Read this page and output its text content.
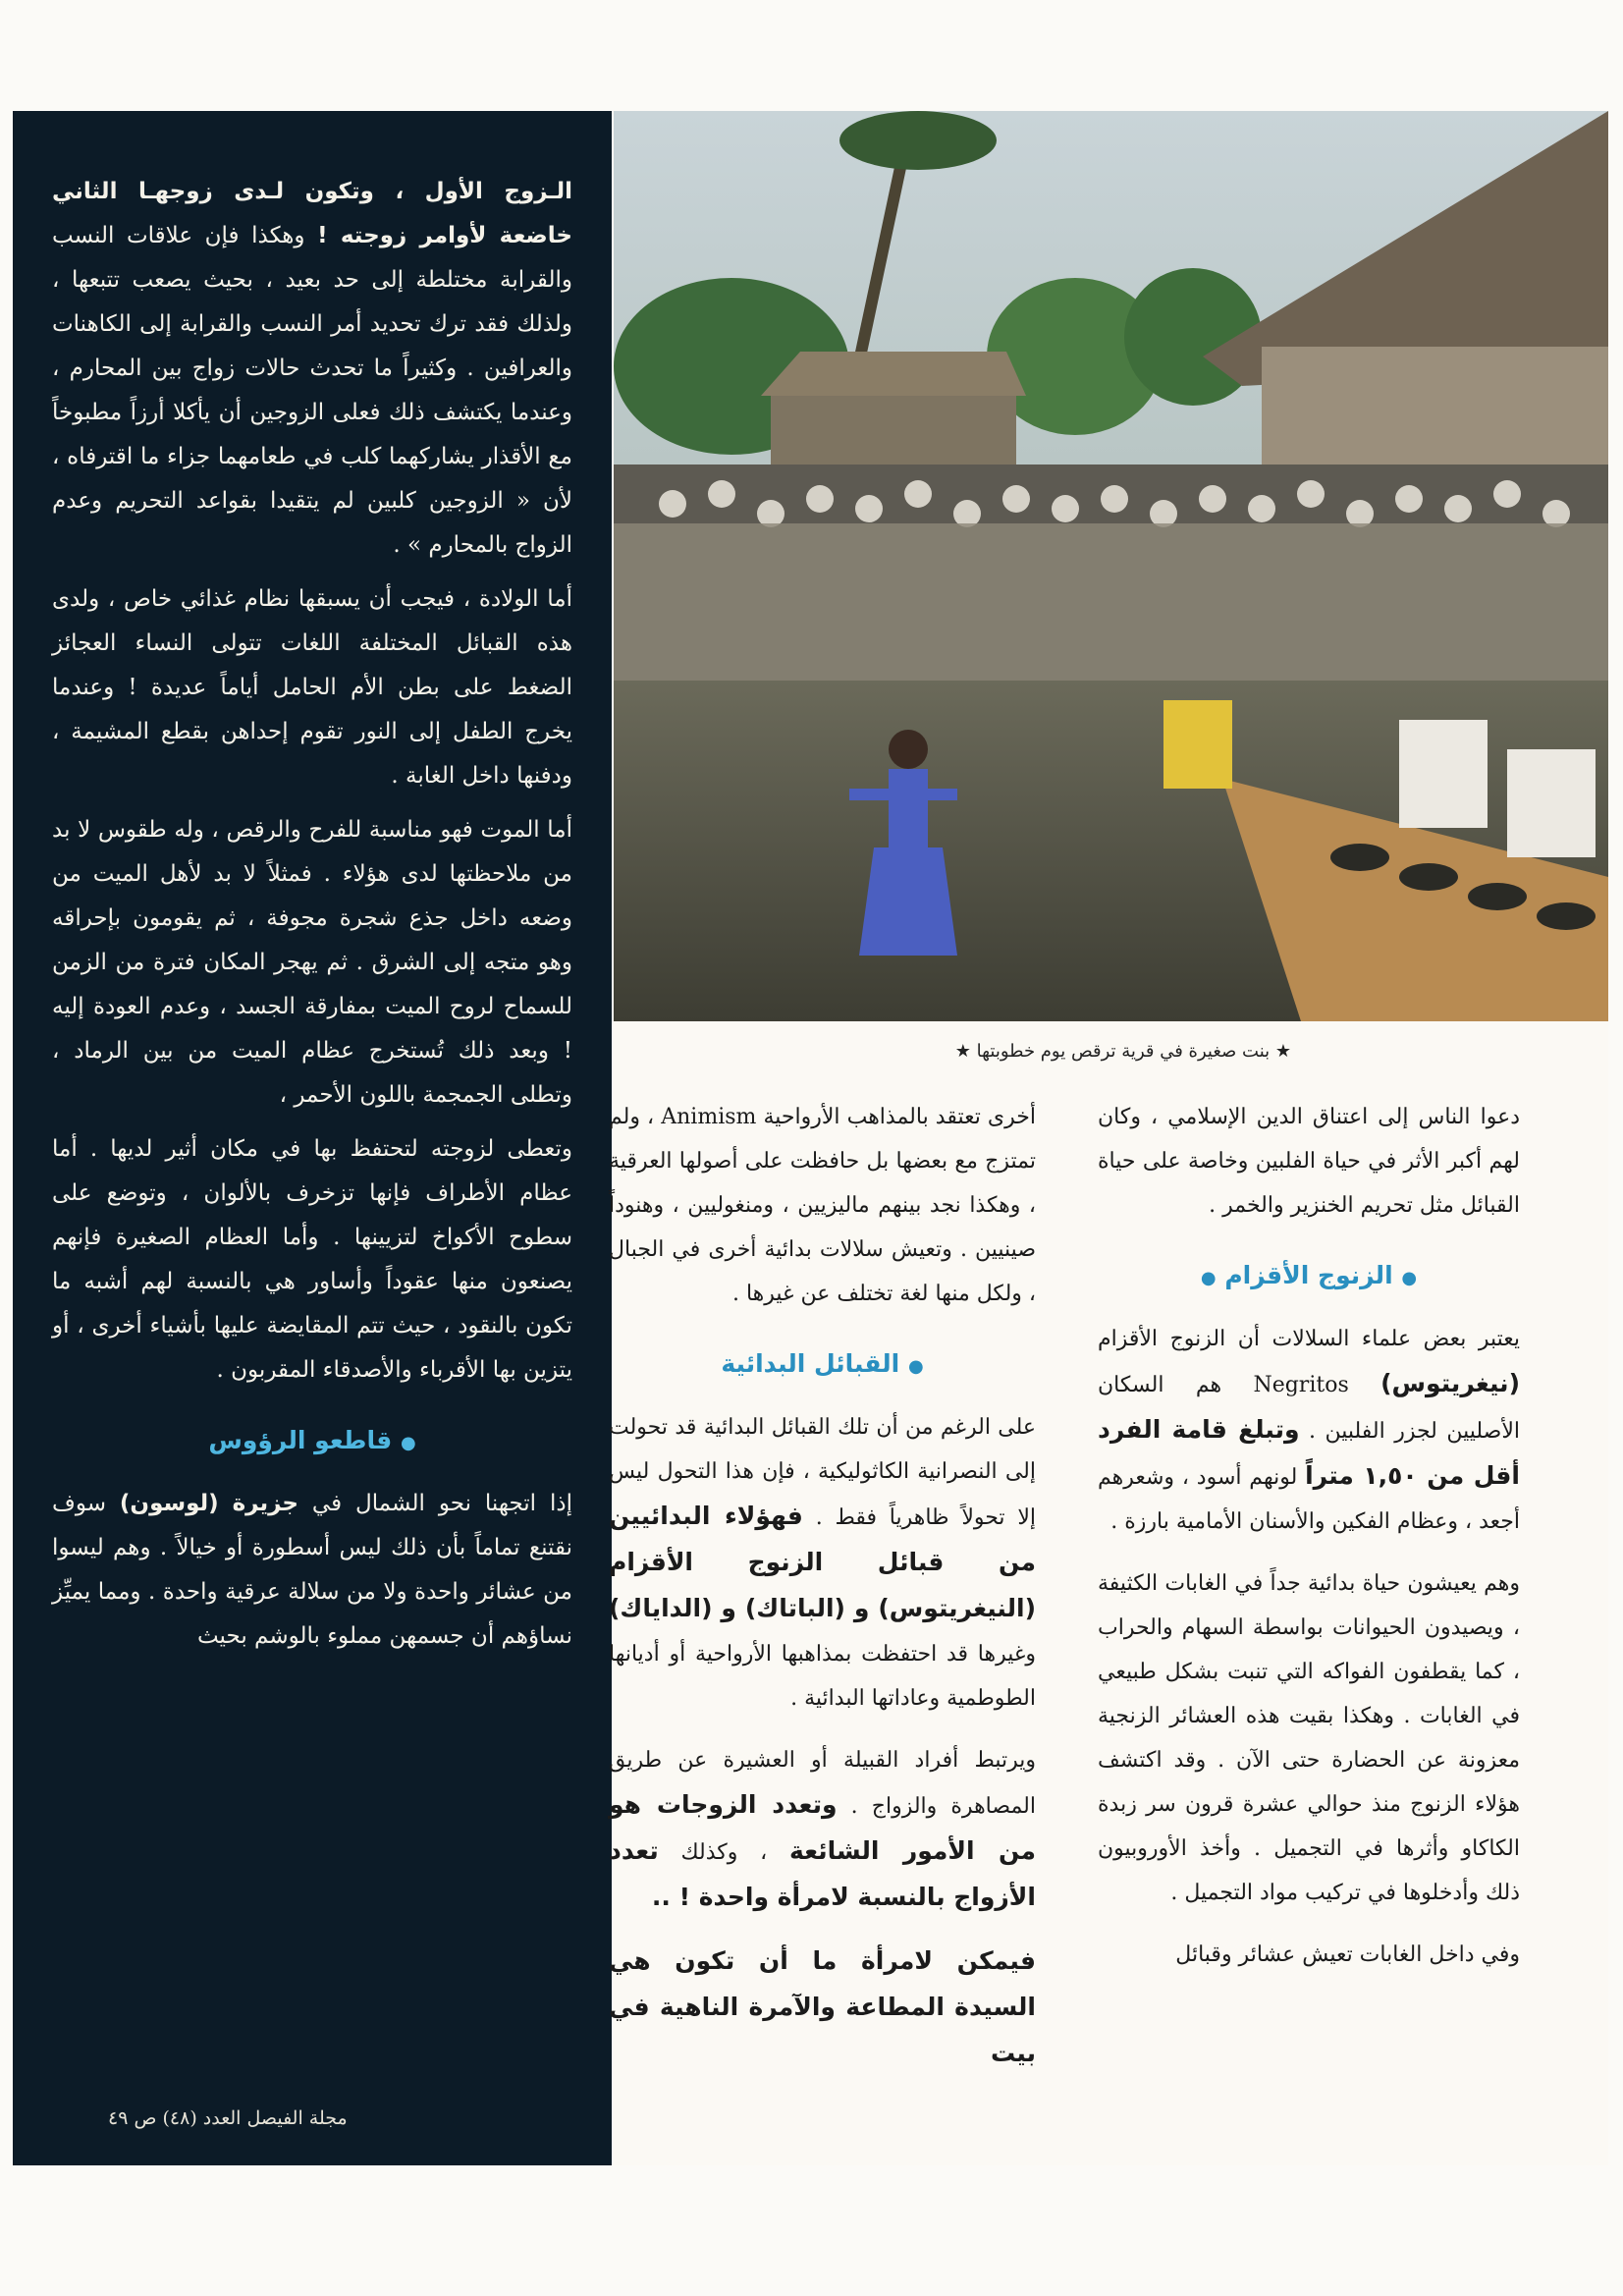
الـزوج الأول ، وتكون لـدى زوجهـا الثاني خاضعة لأوامر زوجته ! وهكذا فإن علاقات النسب والقرابة مختلطة إلى حد بعيد ، بحيث يصعب تتبعها ، ولذلك فقد ترك تحديد أمر النسب والقرابة إلى الكاهنات والعرافين . وكثيراً ما تحدث حالات زواج بين المحارم ، وعندما يكتشف ذلك فعلى الزوجين أن يأكلا أرزاً مطبوخاً مع الأقذار يشاركهما كلب في طعامهما جزاء ما اقترفاه ، لأن « الزوجين كلبين لم يتقيدا بقواعد التحريم وعدم الزواج بالمحارم » .

أما الولادة ، فيجب أن يسبقها نظام غذائي خاص ، ولدى هذه القبائل المختلفة اللغات تتولى النساء العجائز الضغط على بطن الأم الحامل أياماً عديدة ! وعندما يخرج الطفل إلى النور تقوم إحداهن بقطع المشيمة ، ودفنها داخل الغابة .

أما الموت فهو مناسبة للفرح والرقص ، وله طقوس لا بد من ملاحظتها لدى هؤلاء . فمثلاً لا بد لأهل الميت من وضعه داخل جذع شجرة مجوفة ، ثم يقومون بإحراقه وهو متجه إلى الشرق . ثم يهجر المكان فترة من الزمن للسماح لروح الميت بمفارقة الجسد ، وعدم العودة إليه ! وبعد ذلك تُستخرج عظام الميت من بين الرماد ، وتطلى الجمجمة باللون الأحمر ،

وتعطى لزوجته لتحتفظ بها في مكان أثير لديها . أما عظام الأطراف فإنها تزخرف بالألوان ، وتوضع على سطوح الأكواخ لتزيينها . وأما العظام الصغيرة فإنهم يصنعون منها عقوداً وأساور هي بالنسبة لهم أشبه ما تكون بالنقود ، حيث تتم المقايضة عليها بأشياء أخرى ، أو يتزين بها الأقرباء والأصدقاء المقربون .

● قاطعو الرؤوس

إذا اتجهنا نحو الشمال في جزيرة (لوسون) سوف نقتنع تماماً بأن ذلك ليس أسطورة أو خيالاً . وهم ليسوا من عشائر واحدة ولا من سلالة عرقية واحدة . ومما يميِّز نساؤهم أن جسمهن مملوء بالوشم بحيث

مجلة الفيصل العدد (٤٨) ص ٤٩
★ بنت صغيرة في قرية ترقص يوم خطوبتها ★

أخرى تعتقد بالمذاهب الأرواحية Animism ، ولم تمتزج مع بعضها بل حافظت على أصولها العرقية ، وهكذا نجد بينهم ماليزيين ، ومنغوليين ، وهنوداً صينيين . وتعيش سلالات بدائية أخرى في الجبال ، ولكل منها لغة تختلف عن غيرها .

● القبائل البدائية

على الرغم من أن تلك القبائل البدائية قد تحولت إلى النصرانية الكاثوليكية ، فإن هذا التحول ليس إلا تحولاً ظاهرياً فقط . فهؤلاء البدائيين من قبائل الزنوج الأقزام (النيغريتوس) و (الباتاك) و (الداياك) وغيرها قد احتفظت بمذاهبها الأرواحية أو أديانها الطوطمية وعاداتها البدائية .

ويرتبط أفراد القبيلة أو العشيرة عن طريق المصاهرة والزواج . وتعدد الزوجات هو من الأمور الشائعة ، وكذلك تعدد الأزواج بالنسبة لامرأة واحدة ! ..

فيمكن لامرأة ما أن تكون هي السيدة المطاعة والآمرة الناهية في بيت

دعوا الناس إلى اعتناق الدين الإسلامي ، وكان لهم أكبر الأثر في حياة الفلبين وخاصة على حياة القبائل مثل تحريم الخنزير والخمر .

● الزنوج الأقزام ●

يعتبر بعض علماء السلالات أن الزنوج الأقزام (نيغريتوس) Negritos هم السكان الأصليين لجزر الفلبين . وتبلغ قامة الفرد أقل من ١,٥٠ متراً لونهم أسود ، وشعرهم أجعد ، وعظام الفكين والأسنان الأمامية بارزة .

وهم يعيشون حياة بدائية جداً في الغابات الكثيفة ، ويصيدون الحيوانات بواسطة السهام والحراب ، كما يقطفون الفواكه التي تنبت بشكل طبيعي في الغابات . وهكذا بقيت هذه العشائر الزنجية معزونة عن الحضارة حتى الآن . وقد اكتشف هؤلاء الزنوج منذ حوالي عشرة قرون سر زبدة الكاكاو وأثرها في التجميل . وأخذ الأوروبيون ذلك وأدخلوها في تركيب مواد التجميل .

وفي داخل الغابات تعيش عشائر وقبائل
